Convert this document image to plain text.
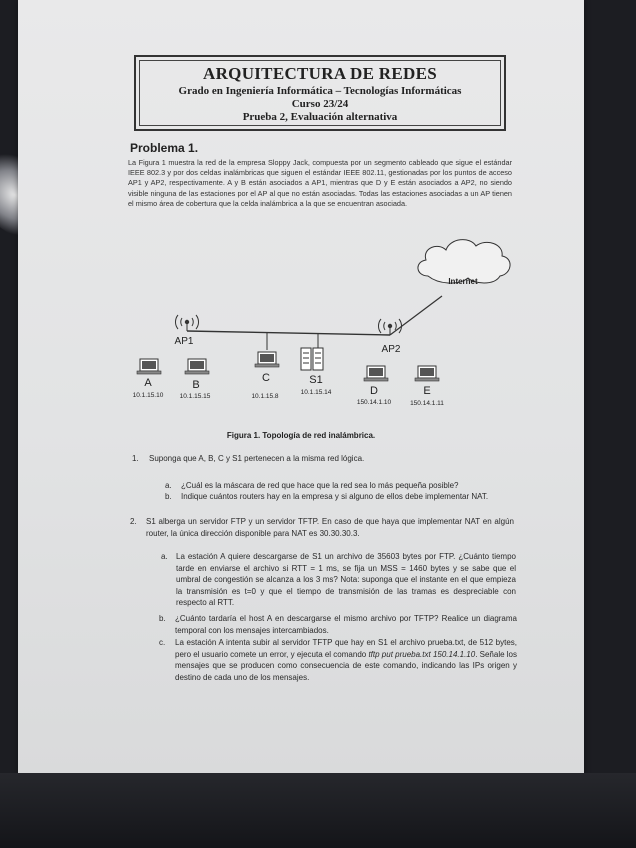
ARQUITECTURA DE REDES
Grado en Ingeniería Informática – Tecnologías Informáticas
Curso 23/24
Prueba 2, Evaluación alternativa
Problema 1.
La Figura 1 muestra la red de la empresa Sloppy Jack, compuesta por un segmento cableado que sigue el estándar IEEE 802.3 y por dos celdas inalámbricas que siguen el estándar IEEE 802.11, gestionadas por los puntos de acceso AP1 y AP2, respectivamente. A y B están asociados a AP1, mientras que D y E están asociados a AP2, no siendo visible ninguna de las estaciones por el AP al que no están asociadas. Todas las estaciones asociadas a un AP tienen el mismo área de cobertura que la celda inalámbrica a la que se encuentran asociada.
Internet
AP1
AP2
A
10.1.15.10
B
10.1.15.15
C
10.1.15.8
S1
10.1.15.14	D
150.14.1.10
E
150.14.1.11
Figura 1. Topología de red inalámbrica.
1. Suponga que A, B, C y S1 pertenecen a la misma red lógica.
a. ¿Cuál es la máscara de red que hace que la red sea lo más pequeña posible?
b. Indique cuántos routers hay en la empresa y si alguno de ellos debe implementar NAT.
2. S1 alberga un servidor FTP y un servidor TFTP. En caso de que haya que implementar NAT en algún router, la única dirección disponible para NAT es 30.30.30.3.
a. La estación A quiere descargarse de S1 un archivo de 35603 bytes por FTP. ¿Cuánto tiempo tarde en enviarse el archivo si RTT = 1 ms, se fija un MSS = 1460 bytes y se sabe que el umbral de congestión se alcanza a los 3 ms? Nota: suponga que el instante en el que empieza la transmisión es t=0 y que el tiempo de transmisión de las tramas es despreciable con respecto al RTT.
b. ¿Cuánto tardaría el host A en descargarse el mismo archivo por TFTP? Realice un diagrama temporal con los mensajes intercambiados.
c. La estación A intenta subir al servidor TFTP que hay en S1 el archivo prueba.txt, de 512 bytes, pero el usuario comete un error, y ejecuta el comando tftp put prueba.txt 150.14.1.10. Señale los mensajes que se producen como consecuencia de este comando, indicando las IPs origen y destino de cada uno de los mensajes.
